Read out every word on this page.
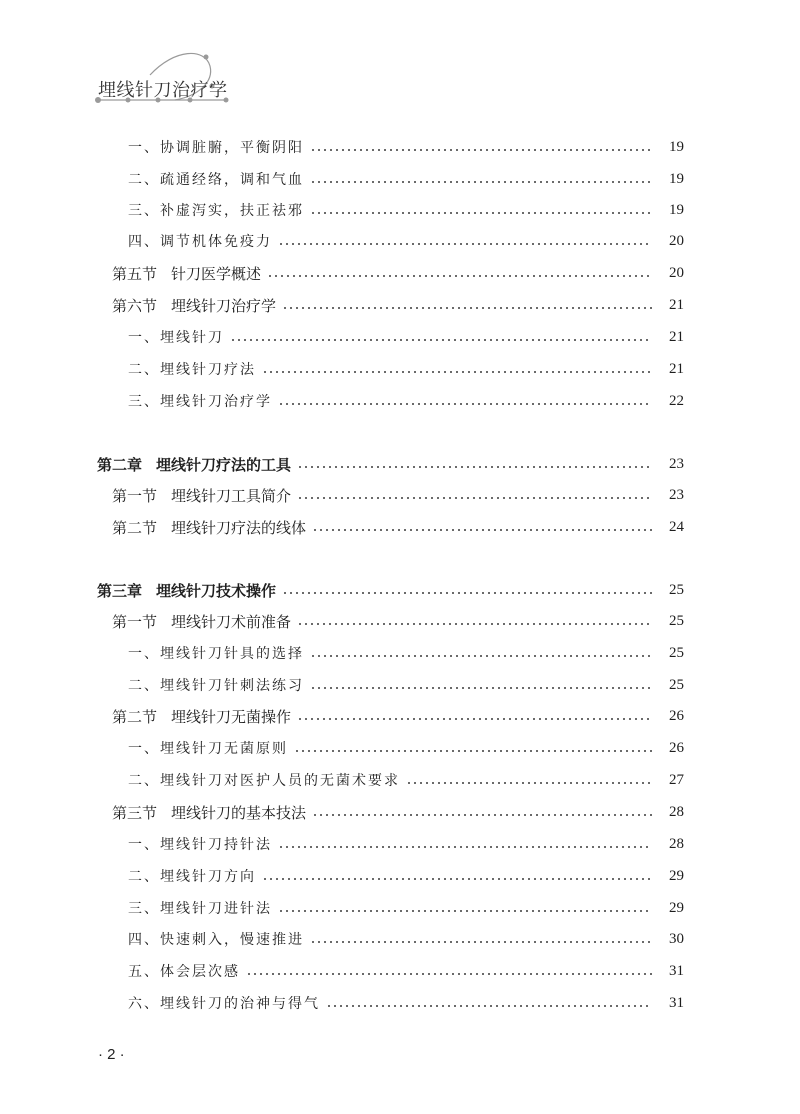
埋线针刀治疗学
一、协调脏腑，平衡阴阳	19
二、疏通经络，调和气血	19
三、补虚泻实，扶正祛邪	19
四、调节机体免疫力	20
第五节 针刀医学概述	20
第六节 埋线针刀治疗学	21
一、埋线针刀	21
二、埋线针刀疗法	21
三、埋线针刀治疗学	22
第二章 埋线针刀疗法的工具	23
第一节 埋线针刀工具简介	23
第二节 埋线针刀疗法的线体	24
第三章 埋线针刀技术操作	25
第一节 埋线针刀术前准备	25
一、埋线针刀针具的选择	25
二、埋线针刀针刺法练习	25
第二节 埋线针刀无菌操作	26
一、埋线针刀无菌原则	26
二、埋线针刀对医护人员的无菌术要求	27
第三节 埋线针刀的基本技法	28
一、埋线针刀持针法	28
二、埋线针刀方向	29
三、埋线针刀进针法	29
四、快速刺入，慢速推进	30
五、体会层次感	31
六、埋线针刀的治神与得气	31
· 2 ·
